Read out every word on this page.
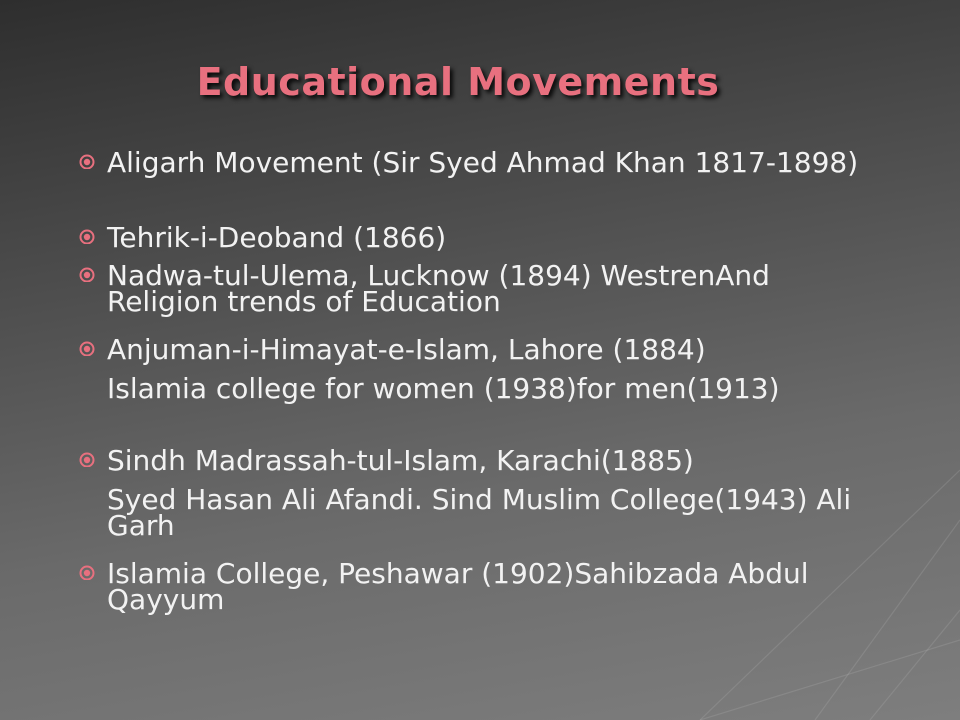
Educational Movements
Aligarh Movement (Sir Syed Ahmad Khan 1817-1898)
Tehrik-i-Deoband (1866)
Nadwa-tul-Ulema, Lucknow (1894) WestrenAnd Religion trends of Education
Anjuman-i-Himayat-e-Islam, Lahore (1884)
Islamia college for women (1938)for men(1913)
Sindh Madrassah-tul-Islam, Karachi(1885)
Syed Hasan Ali Afandi. Sind Muslim College(1943) Ali Garh
Islamia College, Peshawar (1902)Sahibzada Abdul Qayyum
